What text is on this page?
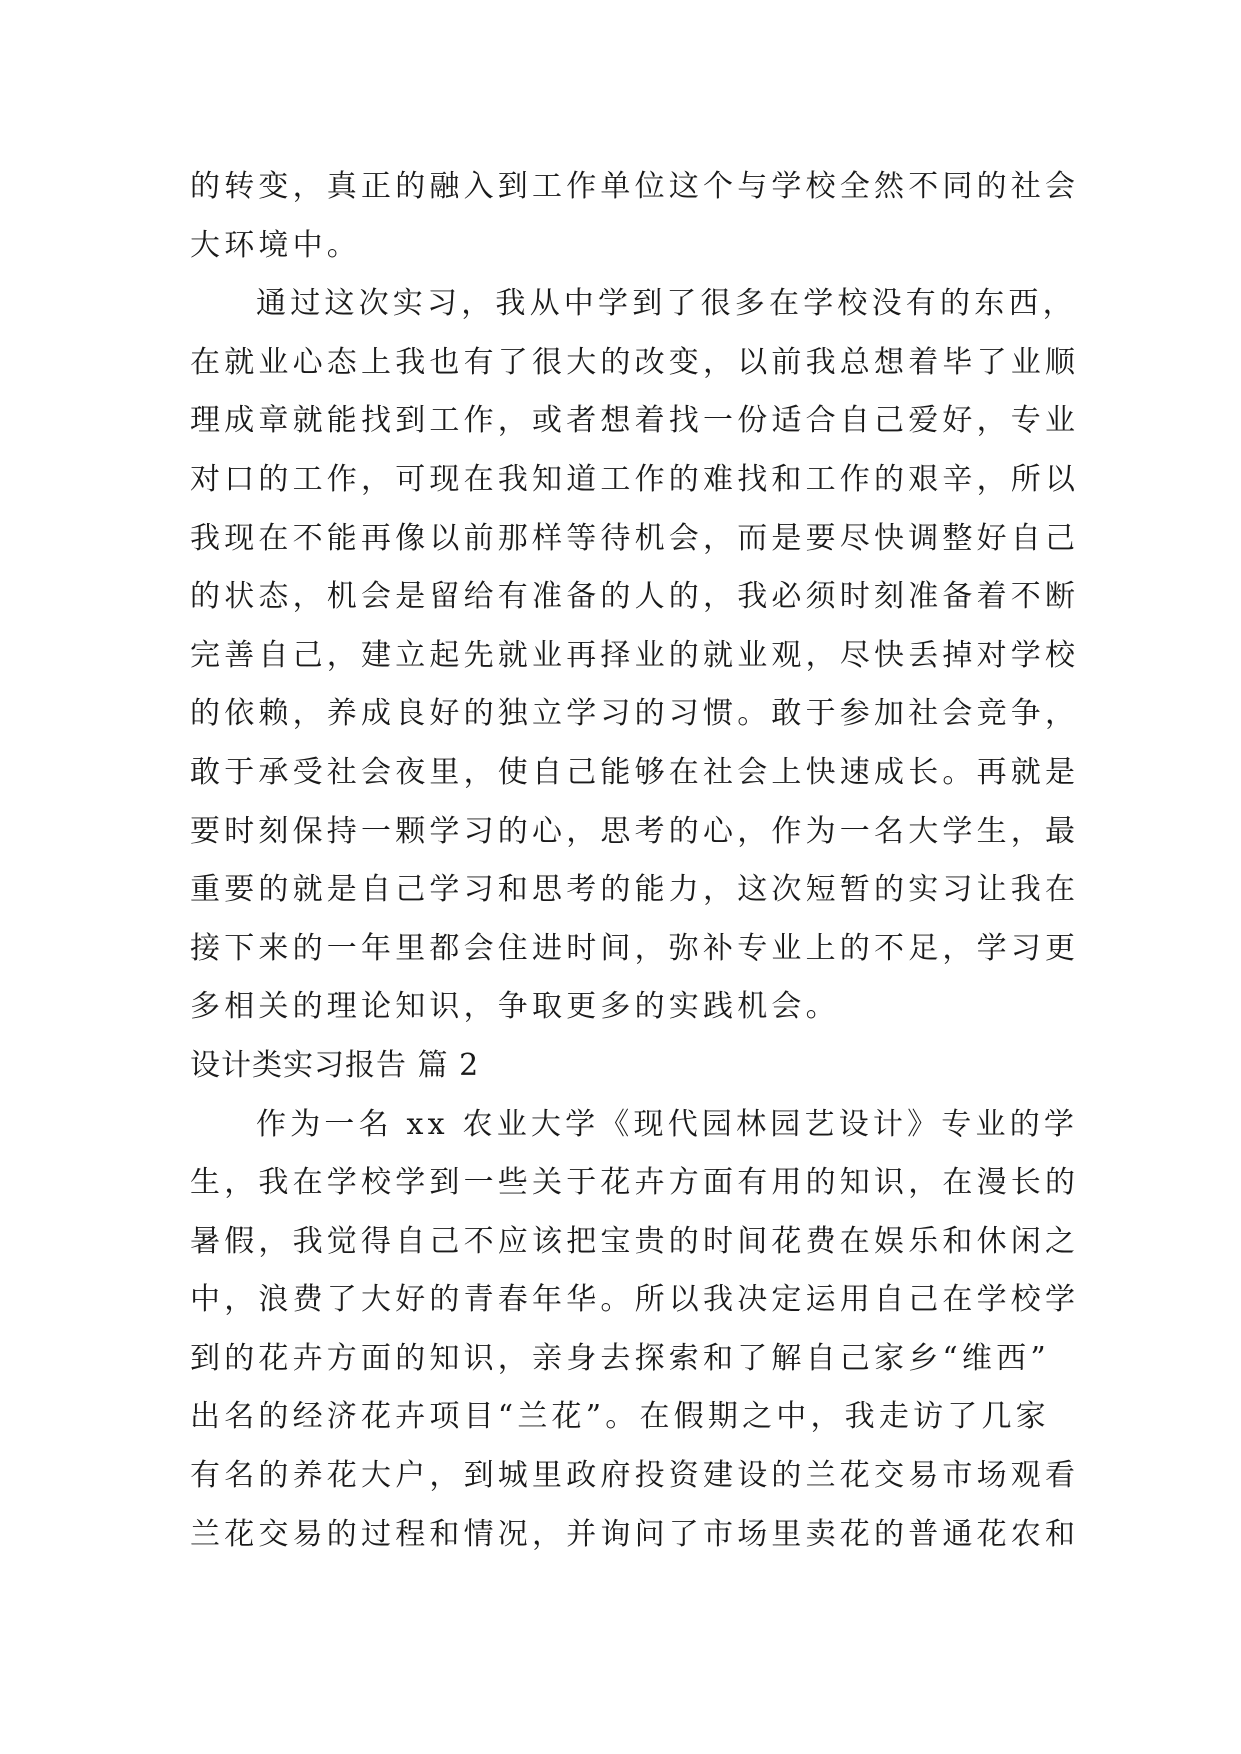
的转变，真正的融入到工作单位这个与学校全然不同的社会
大环境中。
通过这次实习，我从中学到了很多在学校没有的东西，
在就业心态上我也有了很大的改变，以前我总想着毕了业顺
理成章就能找到工作，或者想着找一份适合自己爱好，专业
对口的工作，可现在我知道工作的难找和工作的艰辛，所以
我现在不能再像以前那样等待机会，而是要尽快调整好自己
的状态，机会是留给有准备的人的，我必须时刻准备着不断
完善自己，建立起先就业再择业的就业观，尽快丢掉对学校
的依赖，养成良好的独立学习的习惯。敢于参加社会竞争，
敢于承受社会夜里，使自己能够在社会上快速成长。再就是
要时刻保持一颗学习的心，思考的心，作为一名大学生，最
重要的就是自己学习和思考的能力，这次短暂的实习让我在
接下来的一年里都会住进时间，弥补专业上的不足，学习更
多相关的理论知识，争取更多的实践机会。
设计类实习报告 篇 2
作为一名 xx 农业大学《现代园林园艺设计》专业的学
生，我在学校学到一些关于花卉方面有用的知识，在漫长的
暑假，我觉得自己不应该把宝贵的时间花费在娱乐和休闲之
中，浪费了大好的青春年华。所以我决定运用自己在学校学
到的花卉方面的知识，亲身去探索和了解自己家乡“维西”
出名的经济花卉项目“兰花”。在假期之中，我走访了几家
有名的养花大户，到城里政府投资建设的兰花交易市场观看
兰花交易的过程和情况，并询问了市场里卖花的普通花农和
